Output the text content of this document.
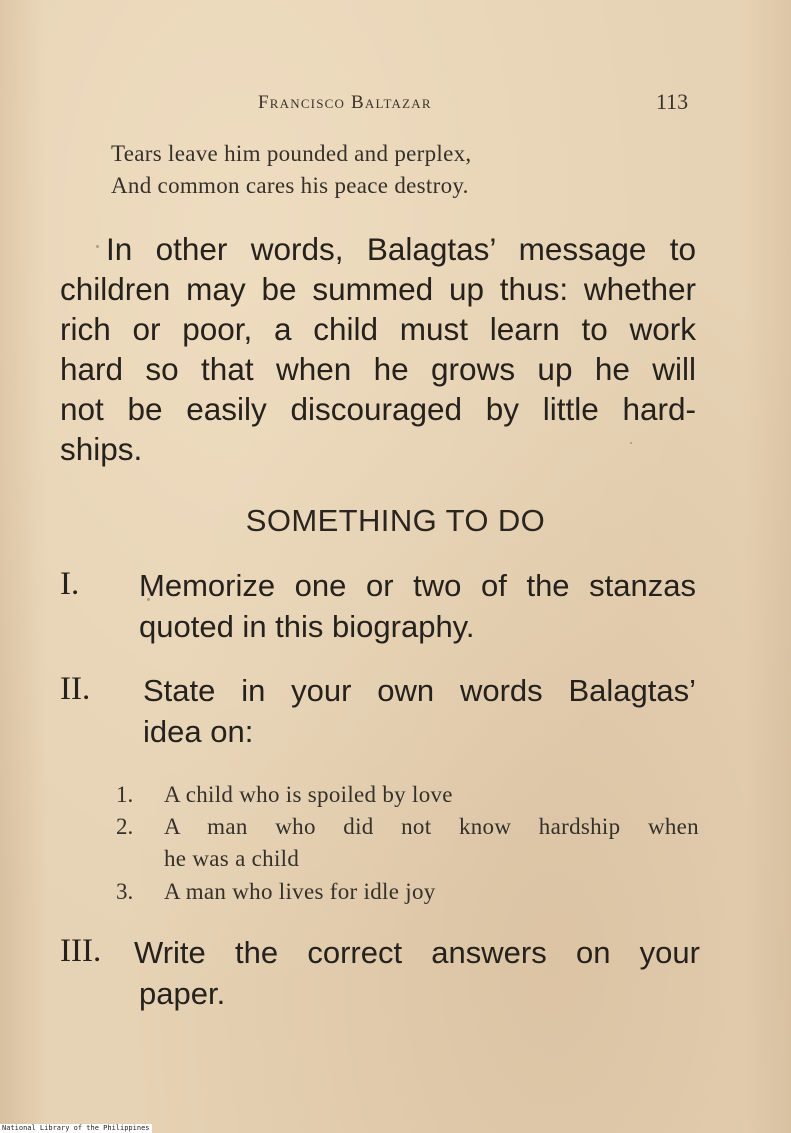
Francisco Baltazar	113
Tears leave him pounded and perplex,
And common cares his peace destroy.
In other words, Balagtas’ message to
children may be summed up thus: whether
rich or poor, a child must learn to work
hard so that when he grows up he will
not be easily discouraged by little hard-
ships.
SOMETHING TO DO
I. Memorize one or two of the stanzas
quoted in this biography.
II. State in your own words Balagtas’
idea on:
1. A child who is spoiled by love
2. A man who did not know hardship when
he was a child
3. A man who lives for idle joy
III. Write the correct answers on your
paper.
National Library of the Philippines
